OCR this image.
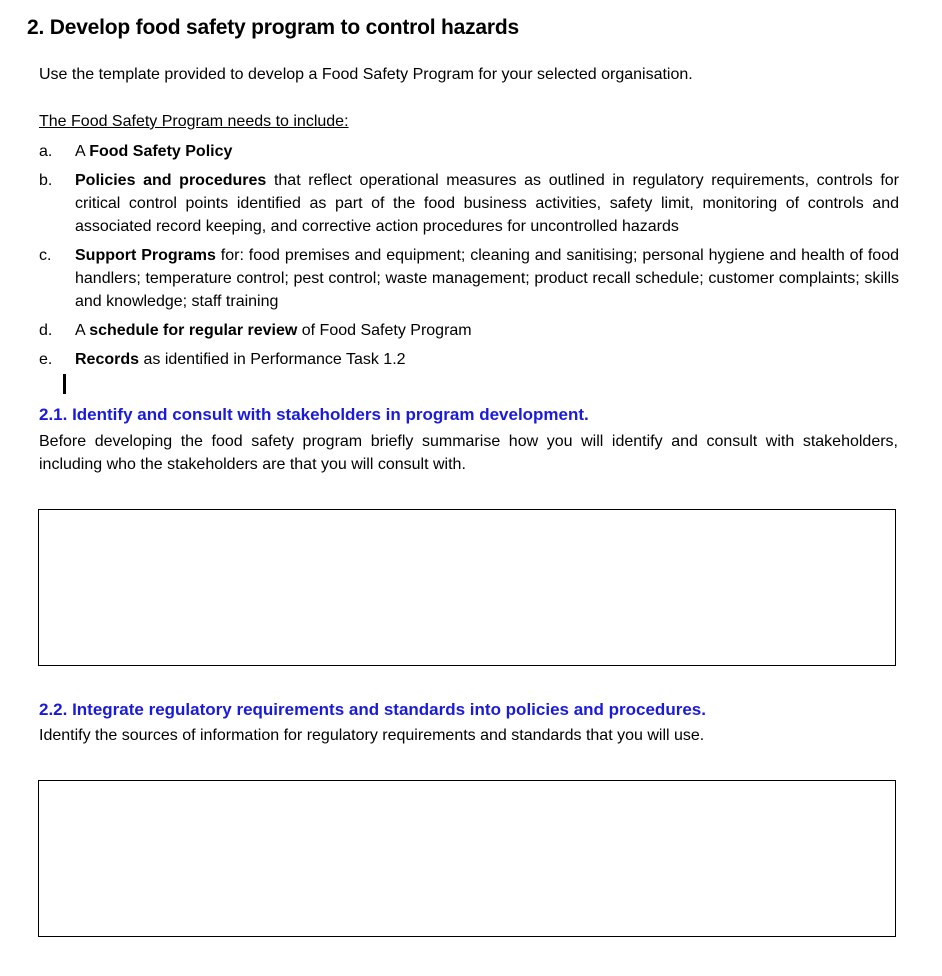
2. Develop food safety program to control hazards

Use the template provided to develop a Food Safety Program for your selected organisation.

The Food Safety Program needs to include:

a.	A Food Safety Policy
b.	Policies and procedures that reflect operational measures as outlined in regulatory requirements, controls for critical control points identified as part of the food business activities, safety limit, monitoring of controls and associated record keeping, and corrective action procedures for uncontrolled hazards
c.	Support Programs for: food premises and equipment; cleaning and sanitising; personal hygiene and health of food handlers; temperature control; pest control; waste management; product recall schedule; customer complaints; skills and knowledge; staff training
d.	A schedule for regular review of Food Safety Program
e.	Records as identified in Performance Task 1.2
2.1. Identify and consult with stakeholders in program development.

Before developing the food safety program briefly summarise how you will identify and consult with stakeholders, including who the stakeholders are that you will consult with.

2.2. Integrate regulatory requirements and standards into policies and procedures.

Identify the sources of information for regulatory requirements and standards that you will use.
